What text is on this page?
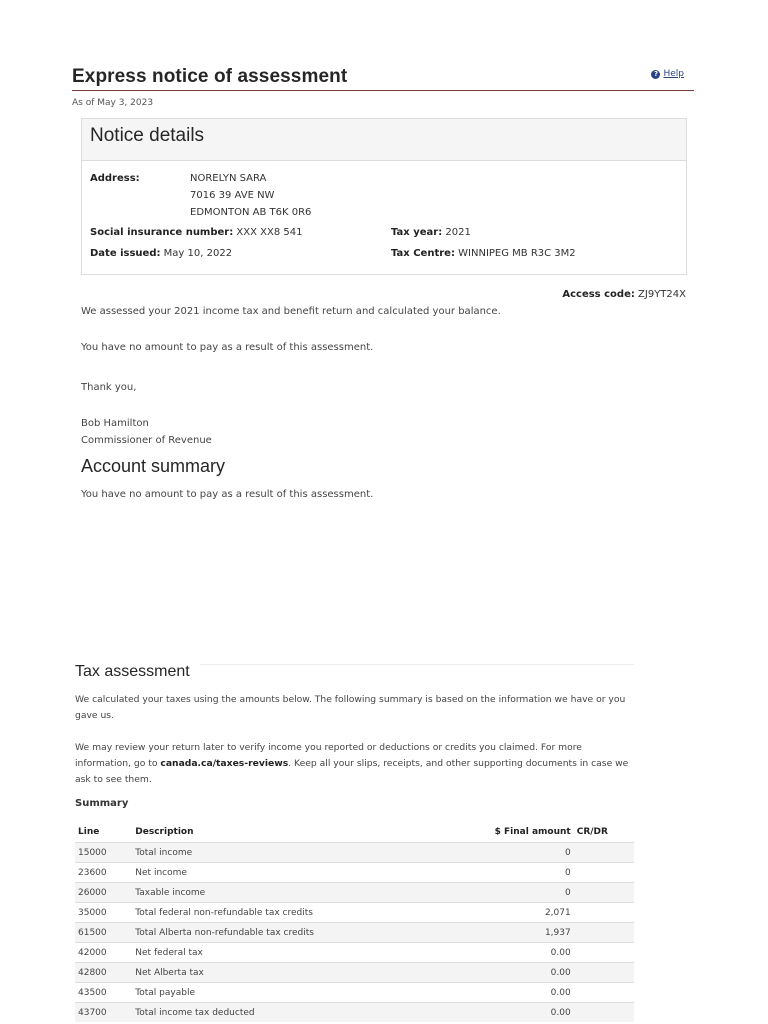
Express notice of assessment	? Help
As of May 3, 2023
Notice details
Address:	NORELYN SARA
7016 39 AVE NW
EDMONTON AB T6K 0R6
Social insurance number: XXX XX8 541	Tax year: 2021
Date issued: May 10, 2022	Tax Centre: WINNIPEG MB R3C 3M2
Access code: ZJ9YT24X
We assessed your 2021 income tax and benefit return and calculated your balance.
You have no amount to pay as a result of this assessment.
Thank you,
Bob Hamilton
Commissioner of Revenue
Account summary
You have no amount to pay as a result of this assessment.
Tax assessment
We calculated your taxes using the amounts below. The following summary is based on the information we have or you gave us.
We may review your return later to verify income you reported or deductions or credits you claimed. For more information, go to canada.ca/taxes-reviews. Keep all your slips, receipts, and other supporting documents in case we ask to see them.
Summary
Line	Description	$ Final amount	CR/DR
15000	Total income	0	
23600	Net income	0	
26000	Taxable income	0	
35000	Total federal non-refundable tax credits	2,071	
61500	Total Alberta non-refundable tax credits	1,937	
42000	Net federal tax	0.00	
42800	Net Alberta tax	0.00	
43500	Total payable	0.00	
43700	Total income tax deducted	0.00	
